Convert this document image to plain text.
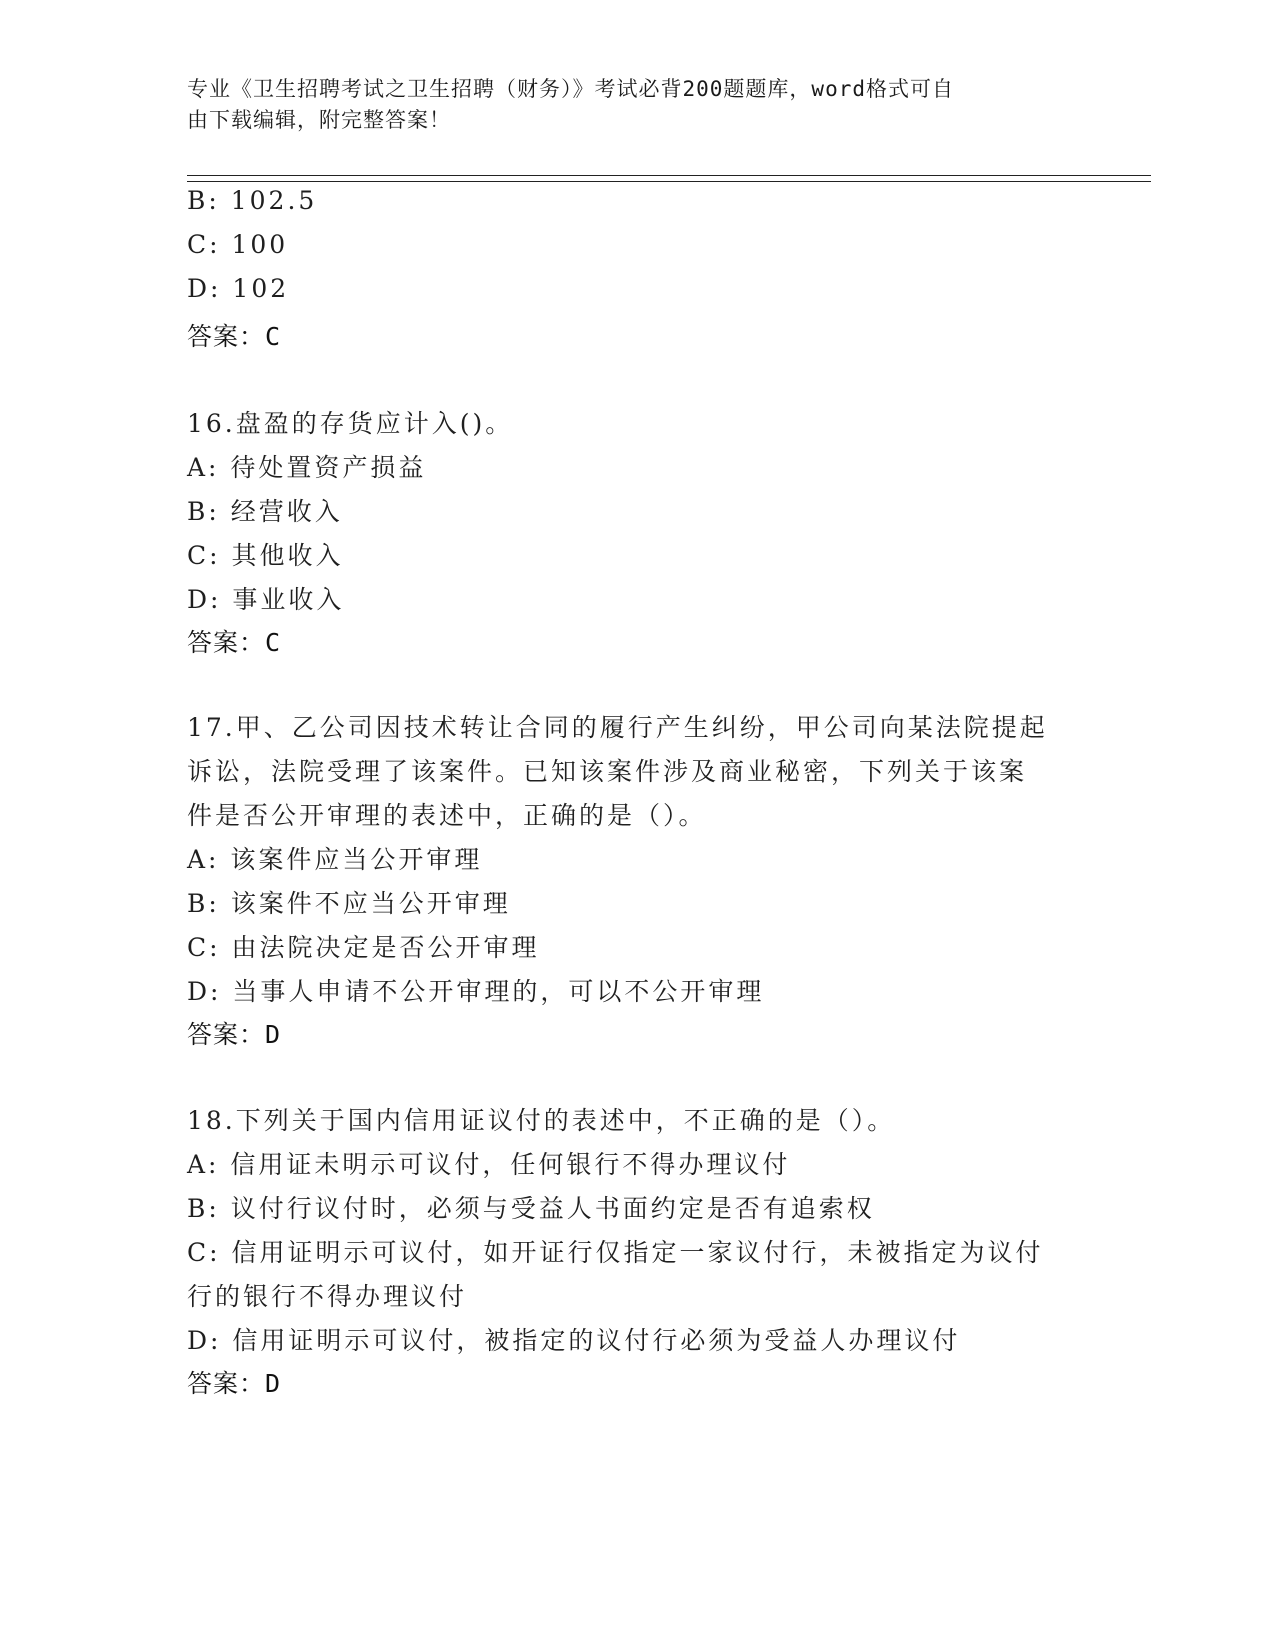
专业《卫生招聘考试之卫生招聘（财务）》考试必背200题题库，word格式可自
由下载编辑，附完整答案！
B: 102.5
C: 100
D: 102
答案：C
16.盘盈的存货应计入()。
A: 待处置资产损益
B: 经营收入
C: 其他收入
D: 事业收入
答案：C
17.甲、乙公司因技术转让合同的履行产生纠纷，甲公司向某法院提起
诉讼，法院受理了该案件。已知该案件涉及商业秘密，下列关于该案
件是否公开审理的表述中，正确的是（）。
A: 该案件应当公开审理
B: 该案件不应当公开审理
C: 由法院决定是否公开审理
D: 当事人申请不公开审理的，可以不公开审理
答案：D
18.下列关于国内信用证议付的表述中，不正确的是（）。
A: 信用证未明示可议付，任何银行不得办理议付
B: 议付行议付时，必须与受益人书面约定是否有追索权
C: 信用证明示可议付，如开证行仅指定一家议付行，未被指定为议付
行的银行不得办理议付
D: 信用证明示可议付，被指定的议付行必须为受益人办理议付
答案：D
